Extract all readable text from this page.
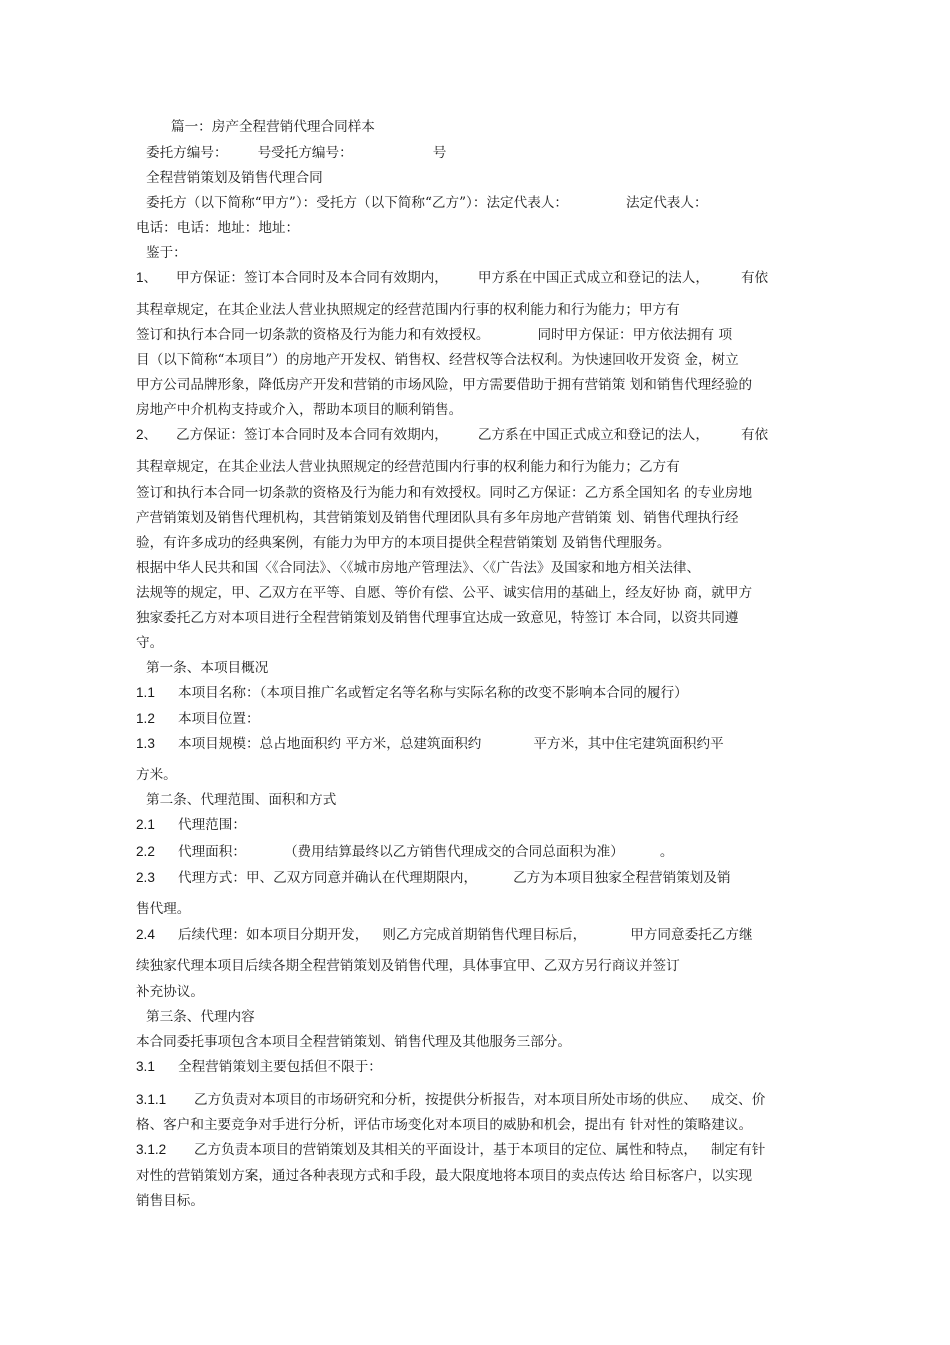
篇一：房产全程营销代理合同样本

委托方编号： 号受托方编号：	号

全程营销策划及销售代理合同

委托方（以下简称“甲方”）：受托方（以下简称“乙方”）：法定代表人：	法定代表人：

电话：电话：地址：地址：

鉴于：

1、 甲方保证：签订本合同时及本合同有效期内， 甲方系在中国正式成立和登记的法人， 有依

其程章规定，在其企业法人营业执照规定的经营范围内行事的权利能力和行为能力；甲方有

签订和执行本合同一切条款的资格及行为能力和有效授权。	同时甲方保证：甲方依法拥有 项

目（以下简称“本项目”）的房地产开发权、销售权、经营权等合法权利。为快速回收开发资 金，树立

甲方公司品牌形象，降低房产开发和营销的市场风险，甲方需要借助于拥有营销策 划和销售代理经验的

房地产中介机构支持或介入，帮助本项目的顺利销售。

2、 乙方保证：签订本合同时及本合同有效期内， 乙方系在中国正式成立和登记的法人， 有依

其程章规定，在其企业法人营业执照规定的经营范围内行事的权利能力和行为能力；乙方有

签订和执行本合同一切条款的资格及行为能力和有效授权。同时乙方保证：乙方系全国知名 的专业房地

产营销策划及销售代理机构，其营销策划及销售代理团队具有多年房地产营销策 划、销售代理执行经

验，有许多成功的经典案例，有能力为甲方的本项目提供全程营销策划 及销售代理服务。

根据中华人民共和国〈《合同法》、〈《城市房地产管理法》、〈《广告法》及国家和地方相关法律、

法规等的规定，甲、乙双方在平等、自愿、等价有偿、公平、诚实信用的基础上，经友好协 商，就甲方

独家委托乙方对本项目进行全程营销策划及销售代理事宜达成一致意见，特签订 本合同，以资共同遵

守。

第一条、本项目概况

1.1 本项目名称：（本项目推广名或暂定名等名称与实际名称的改变不影响本合同的履行）

1.2 本项目位置：

1.3 本项目规模：总占地面积约 平方米，总建筑面积约	平方米，其中住宅建筑面积约平

方米。

第二条、代理范围、面积和方式

2.1 代理范围：

2.2 代理面积：	（费用结算最终以乙方销售代理成交的合同总面积为准）	。

2.3 代理方式：甲、乙双方同意并确认在代理期限内，	乙方为本项目独家全程营销策划及销

售代理。

2.4 后续代理：如本项目分期开发， 则乙方完成首期销售代理目标后，	甲方同意委托乙方继

续独家代理本项目后续各期全程营销策划及销售代理，具体事宜甲、乙双方另行商议并签订

补充协议。

第三条、代理内容

本合同委托事项包含本项目全程营销策划、销售代理及其他服务三部分。

3.1 全程营销策划主要包括但不限于：

3.1.1 乙方负责对本项目的市场研究和分析，按提供分析报告，对本项目所处市场的供应、 成交、价

格、客户和主要竞争对手进行分析，评估市场变化对本项目的威胁和机会，提出有 针对性的策略建议。

3.1.2 乙方负责本项目的营销策划及其相关的平面设计，基于本项目的定位、属性和特点， 制定有针

对性的营销策划方案，通过各种表现方式和手段，最大限度地将本项目的卖点传达 给目标客户，以实现

销售目标。
